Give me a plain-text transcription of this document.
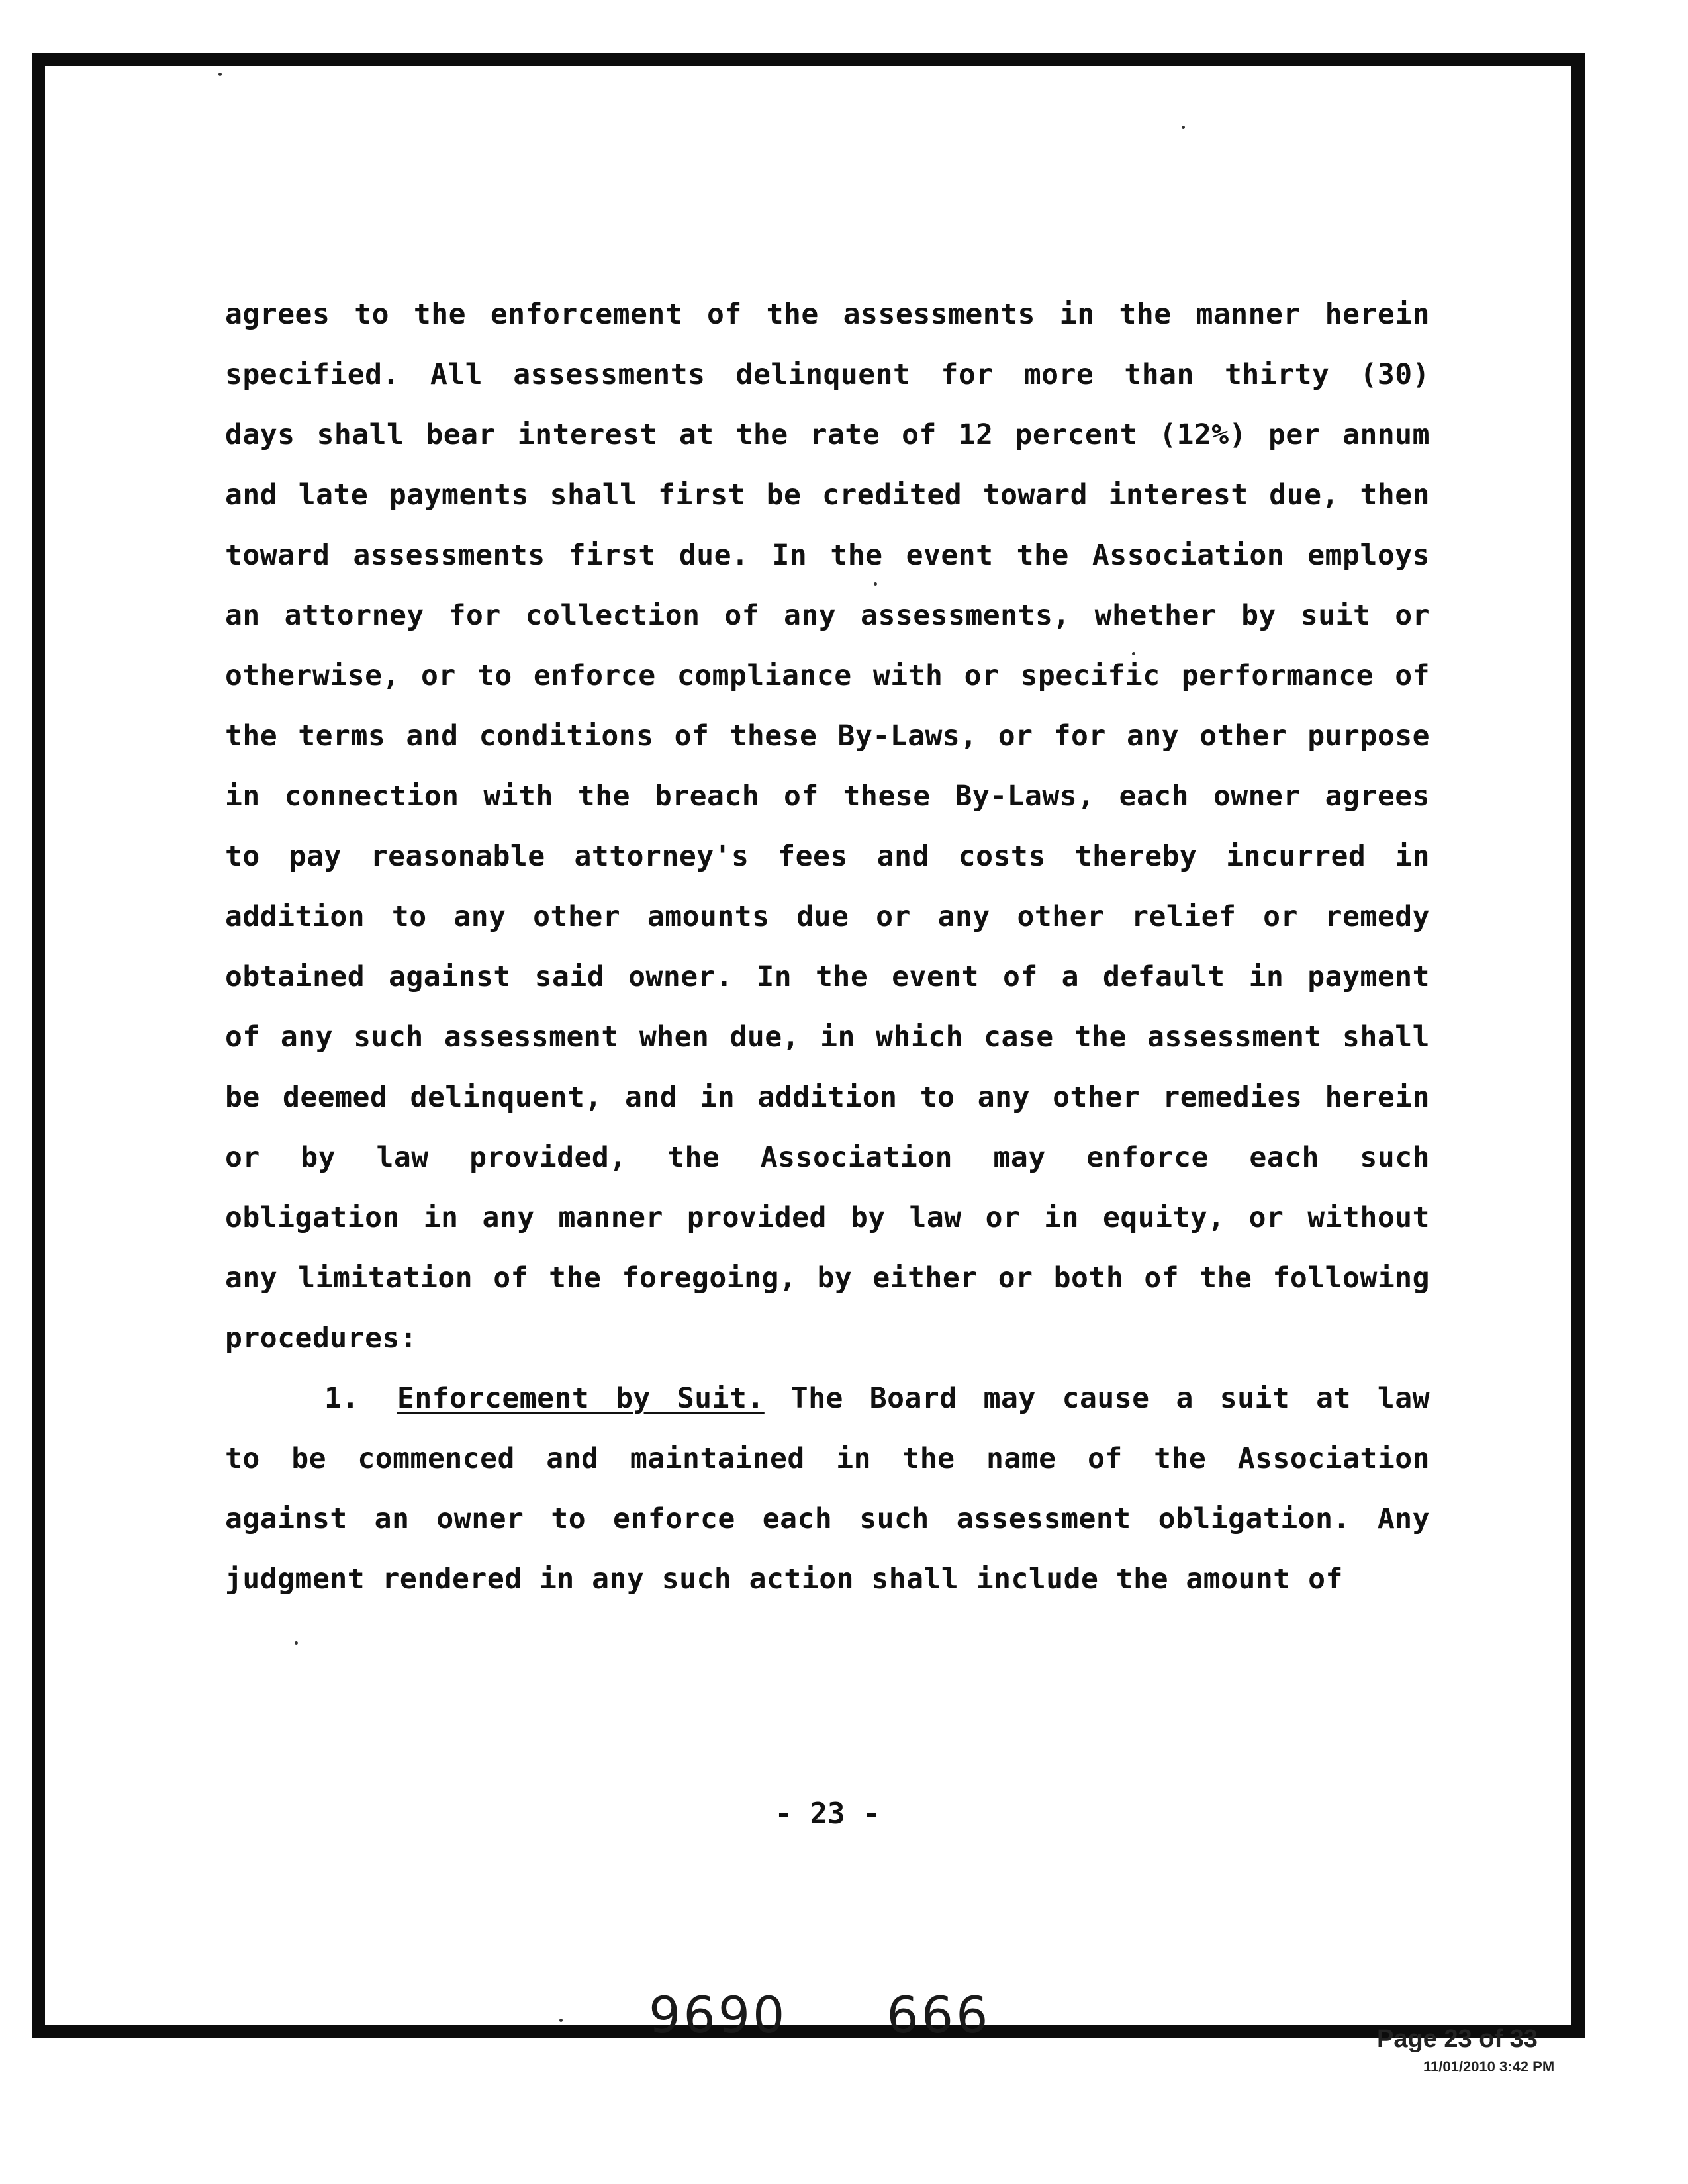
agrees to the enforcement of the assessments in the manner herein
specified. All assessments delinquent for more than thirty (30)
days shall bear interest at the rate of 12 percent (12%) per annum
and late payments shall first be credited toward interest due, then
toward assessments first due. In the event the Association employs
an attorney for collection of any assessments, whether by suit or
otherwise, or to enforce compliance with or specific performance of
the terms and conditions of these By-Laws, or for any other purpose
in connection with the breach of these By-Laws, each owner agrees
to pay reasonable attorney's fees and costs thereby incurred in
addition to any other amounts due or any other relief or remedy
obtained against said owner. In the event of a default in payment
of any such assessment when due, in which case the assessment shall
be deemed delinquent, and in addition to any other remedies herein
or by law provided, the Association may enforce each such
obligation in any manner provided by law or in equity, or without
any limitation of the foregoing, by either or both of the following
procedures:
1. Enforcement by Suit. The Board may cause a suit at law
to be commenced and maintained in the name of the Association
against an owner to enforce each such assessment obligation. Any
judgment rendered in any such action shall include the amount of
- 23 -
9690 666	Page 23 of 33
11/01/2010 3:42 PM
